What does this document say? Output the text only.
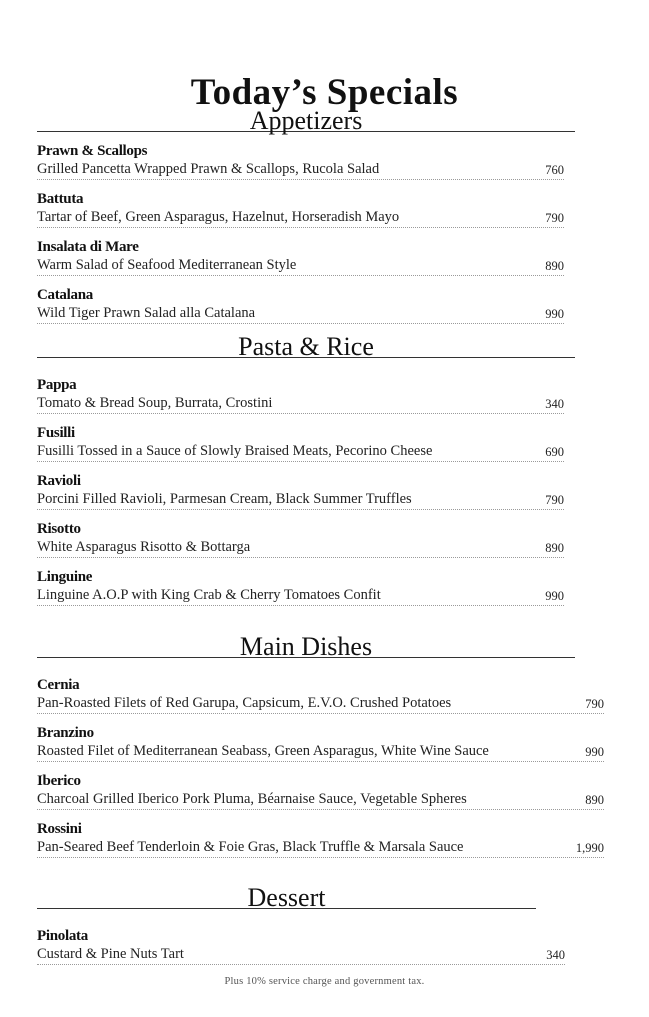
Today’s Specials
Appetizers
Prawn & Scallops
Grilled Pancetta Wrapped Prawn & Scallops, Rucola Salad	760
Battuta
Tartar of Beef, Green Asparagus, Hazelnut, Horseradish Mayo	790
Insalata di Mare
Warm Salad of Seafood Mediterranean Style	890
Catalana
Wild Tiger Prawn Salad alla Catalana	990
Pasta & Rice
Pappa
Tomato & Bread Soup, Burrata, Crostini	340
Fusilli
Fusilli Tossed in a Sauce of Slowly Braised Meats, Pecorino Cheese	690
Ravioli
Porcini Filled Ravioli, Parmesan Cream, Black Summer Truffles	790
Risotto
White Asparagus Risotto & Bottarga	890
Linguine
Linguine A.O.P with King Crab & Cherry Tomatoes Confit	990
Main Dishes
Cernia
Pan-Roasted Filets of Red Garupa, Capsicum, E.V.O. Crushed Potatoes	790
Branzino
Roasted Filet of Mediterranean Seabass, Green Asparagus, White Wine Sauce	990
Iberico
Charcoal Grilled Iberico Pork Pluma, Béarnaise Sauce, Vegetable Spheres	890
Rossini
Pan-Seared Beef Tenderloin & Foie Gras, Black Truffle & Marsala Sauce	1,990
Dessert
Pinolata
Custard & Pine Nuts Tart	340
Plus 10% service charge and government tax.
